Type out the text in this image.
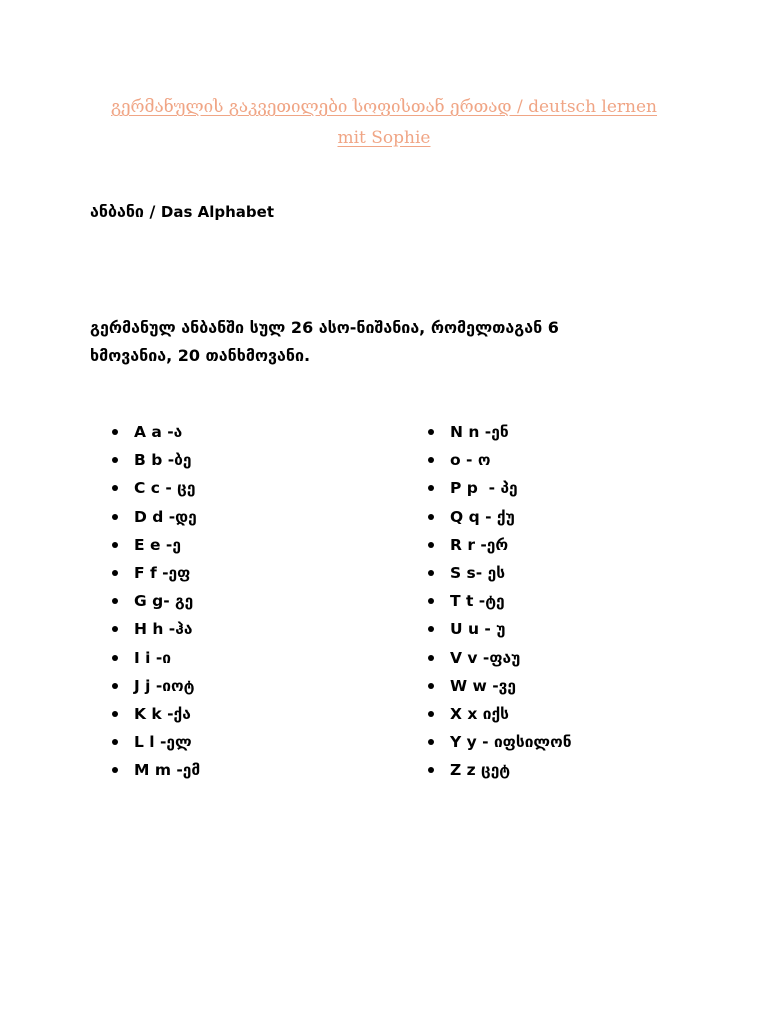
გერმანულის გაკვეთილები სოფისთან ერთად / deutsch lernen
mit Sophie
ანბანი / Das Alphabet
გერმანულ ანბანში სულ 26 ასო-ნიშანია, რომელთაგან 6
ხმოვანია, 20 თანხმოვანი.
A a -ა
B b -ბე
C c - ცე
D d -დე
E e -ე
F f -ეფ
G g- გე
H h -ჰა
I i -ი
J j -იოტ
K k -ქა
L l -ელ
M m -ემ
N n -ენ
o - ო
P p  - პე
Q q - ქუ
R r -ერ
S s- ეს
T t -ტე
U u - უ
V v -ფაუ
W w -ვე
X x იქს
Y y - იფსილონ
Z z ცეტ
